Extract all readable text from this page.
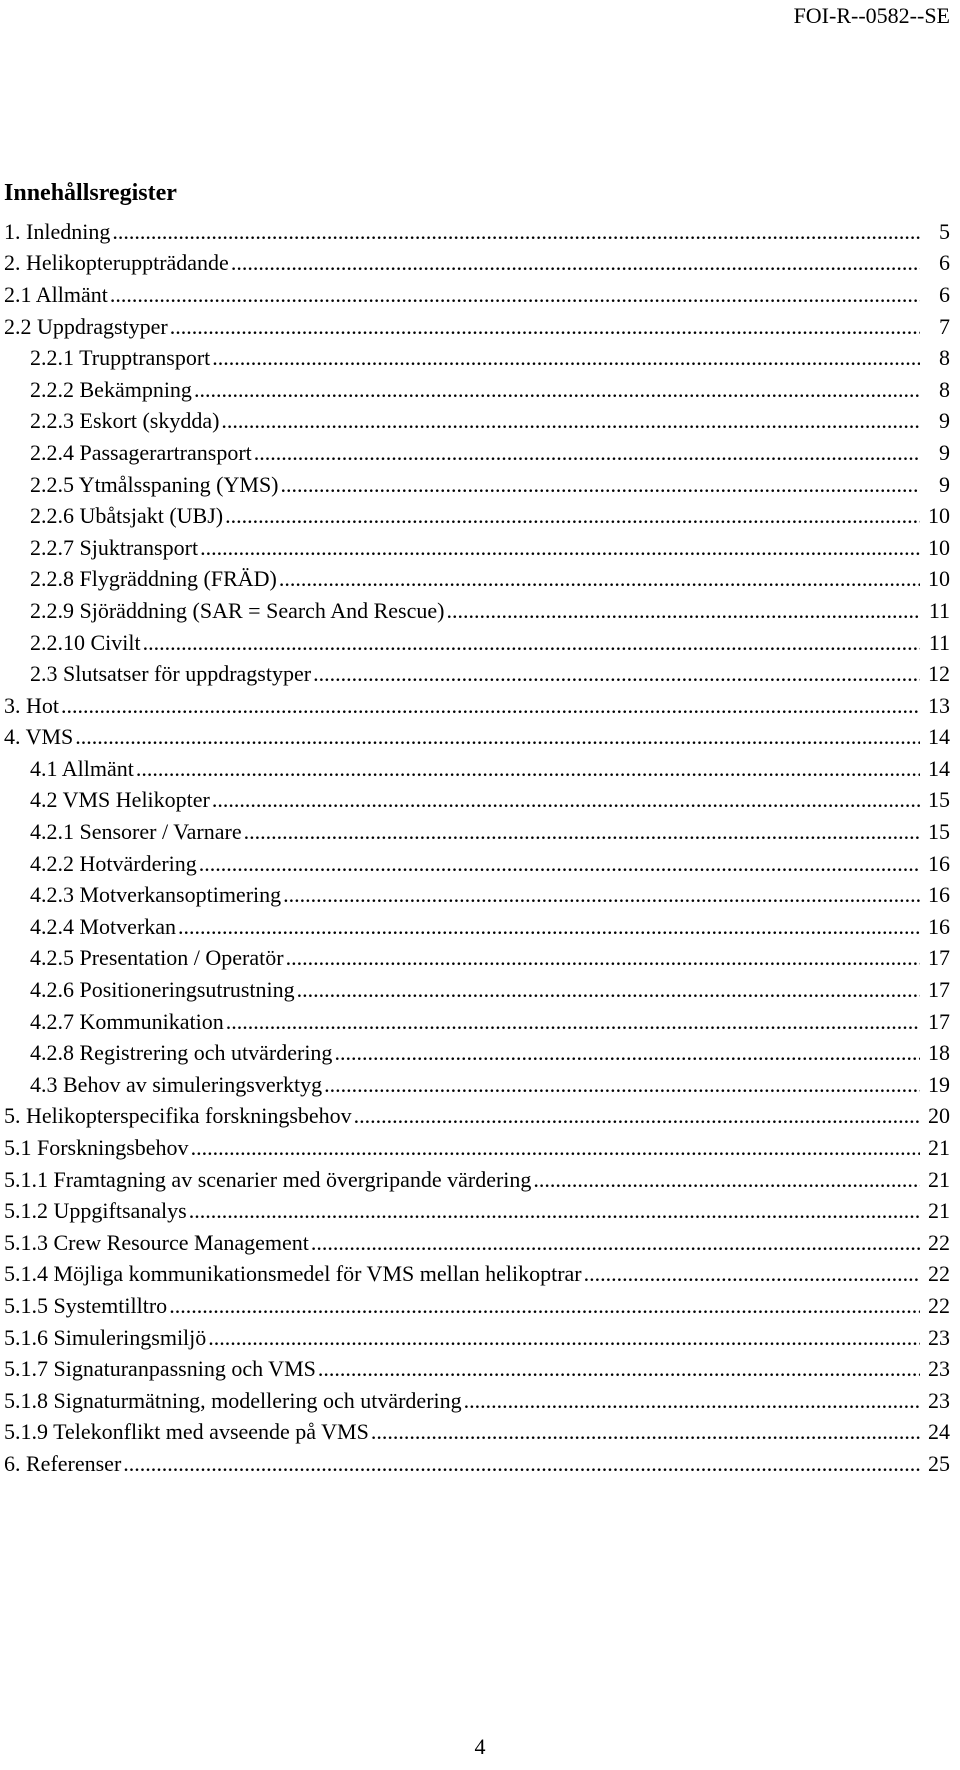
FOI-R--0582--SE
Innehållsregister
1. Inledning .....	5
2. Helikopteruppträdande .....	6
2.1 Allmänt .....	6
2.2 Uppdragstyper .....	7
2.2.1 Trupptransport .....	8
2.2.2 Bekämpning .....	8
2.2.3 Eskort (skydda) .....	9
2.2.4 Passagerartransport .....	9
2.2.5 Ytmålsspaning (YMS) .....	9
2.2.6 Ubåtsjakt (UBJ) .....	10
2.2.7 Sjuktransport .....	10
2.2.8 Flygräddning (FRÄD) .....	10
2.2.9 Sjöräddning (SAR = Search And Rescue) .....	11
2.2.10 Civilt .....	11
2.3 Slutsatser för uppdragstyper .....	12
3. Hot .....	13
4. VMS .....	14
4.1 Allmänt .....	14
4.2 VMS Helikopter .....	15
4.2.1 Sensorer / Varnare .....	15
4.2.2 Hotvärdering .....	16
4.2.3 Motverkansoptimering .....	16
4.2.4 Motverkan .....	16
4.2.5 Presentation / Operatör .....	17
4.2.6 Positioneringsutrustning .....	17
4.2.7 Kommunikation .....	17
4.2.8 Registrering och utvärdering .....	18
4.3 Behov av simuleringsverktyg .....	19
5. Helikopterspecifika forskningsbehov .....	20
5.1 Forskningsbehov .....	21
5.1.1 Framtagning av scenarier med övergripande värdering .....	21
5.1.2 Uppgiftsanalys .....	21
5.1.3 Crew Resource Management .....	22
5.1.4 Möjliga kommunikationsmedel för VMS mellan helikoptrar .....	22
5.1.5 Systemtilltro .....	22
5.1.6 Simuleringsmiljö .....	23
5.1.7 Signaturanpassning och VMS .....	23
5.1.8 Signaturmätning, modellering och utvärdering .....	23
5.1.9 Telekonflikt med avseende på VMS .....	24
6. Referenser .....	25
4
